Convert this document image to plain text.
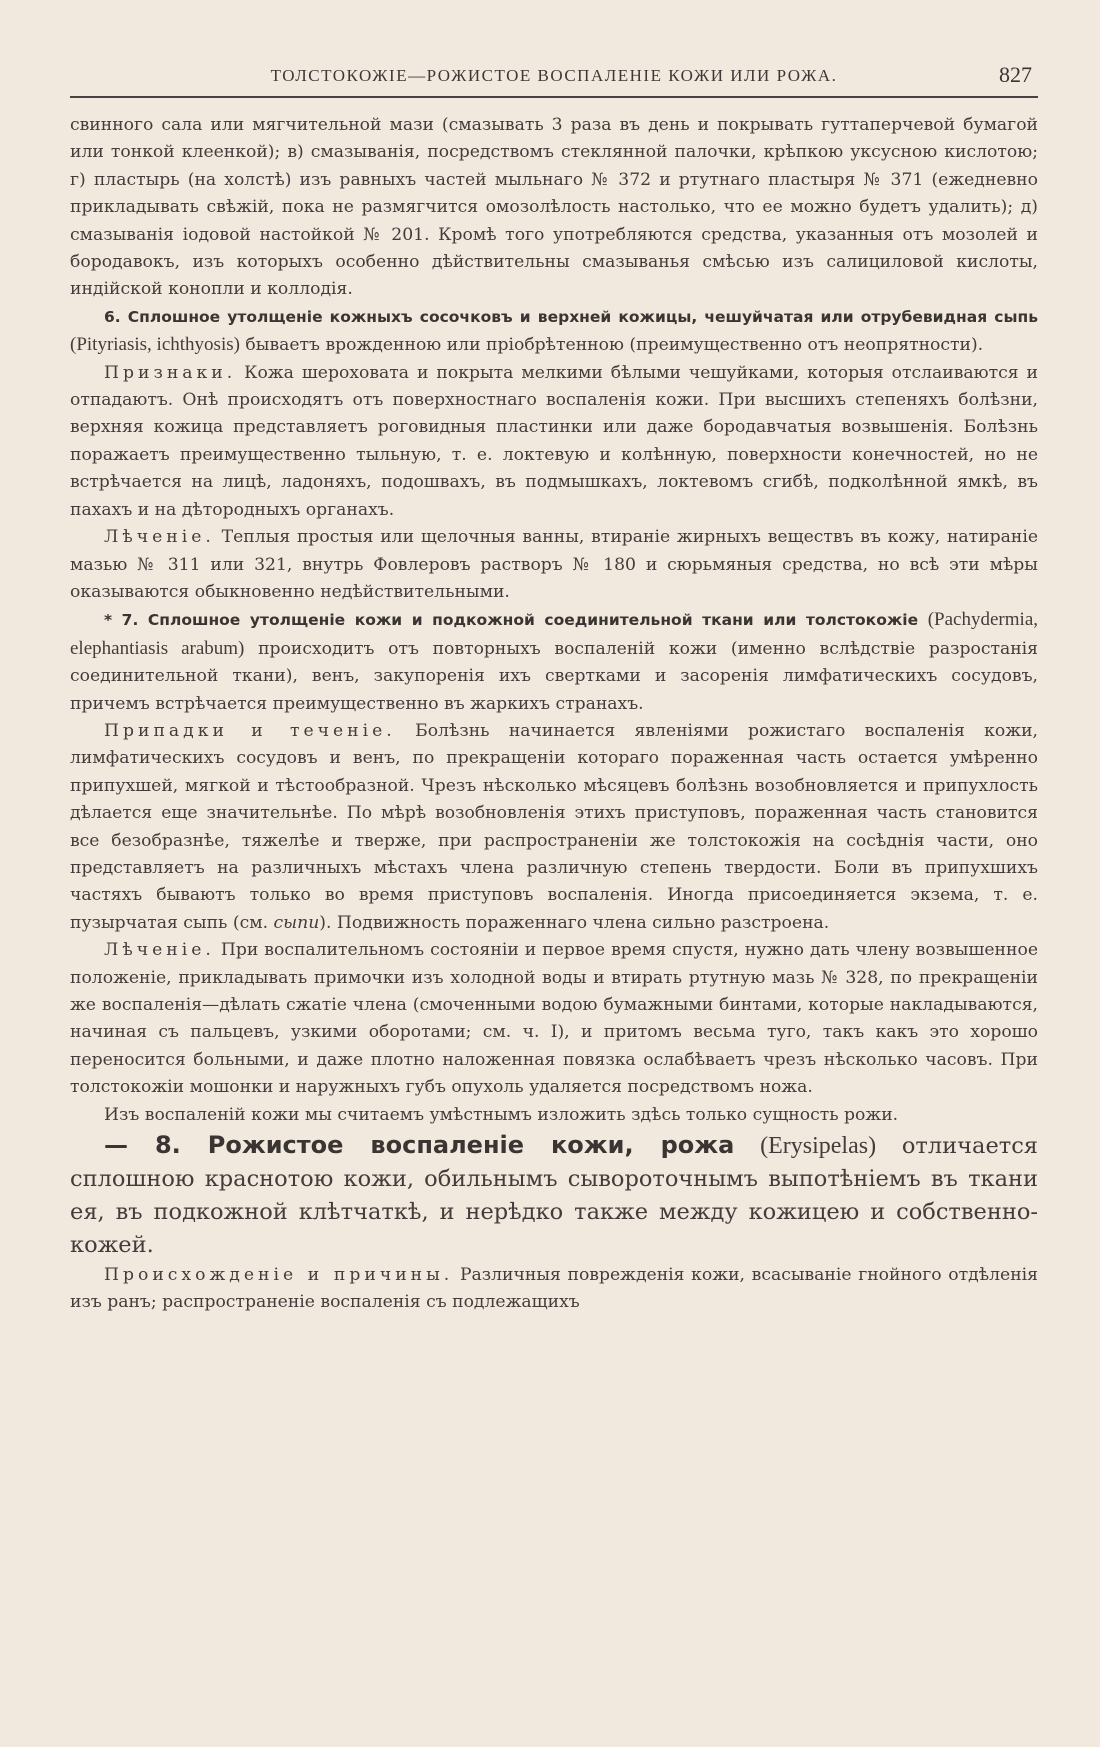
ТОЛСТОКОЖІЕ—РОЖИСТОЕ ВОСПАЛЕНІЕ КОЖИ ИЛИ РОЖА.	827

свинного сала или мягчительной мази (смазывать 3 раза въ день и покрывать гуттаперчевой бумагой или тонкой клеенкой); в) смазыванія, посредствомъ стеклянной палочки, крѣпкою уксусною кислотою; г) пластырь (на холстѣ) изъ равныхъ частей мыльнаго № 372 и ртутнаго пластыря № 371 (ежедневно прикладывать свѣжій, пока не размягчится омозолѣлость настолько, что ее можно будетъ удалить); д) смазыванія іодовой настойкой № 201. Кромѣ того употребляются средства, указанныя отъ мозолей и бородавокъ, изъ которыхъ особенно дѣйствительны смазыванья смѣсью изъ салициловой кислоты, индійской конопли и коллодія.

6. Сплошное утолщеніе кожныхъ сосочковъ и верхней кожицы, чешуйчатая или отрубевидная сыпь (Pityriasis, ichthyosis) бываетъ врожденною или пріобрѣтенною (преимущественно отъ неопрятности).

Признаки. Кожа шероховата и покрыта мелкими бѣлыми чешуйками, которыя отслаиваются и отпадаютъ. Онѣ происходятъ отъ поверхностнаго воспаленія кожи. При высшихъ степеняхъ болѣзни, верхняя кожица представляетъ роговидныя пластинки или даже бородавчатыя возвышенія. Болѣзнь поражаетъ преимущественно тыльную, т. е. локтевую и колѣнную, поверхности конечностей, но не встрѣчается на лицѣ, ладоняхъ, подошвахъ, въ подмышкахъ, локтевомъ сгибѣ, подколѣнной ямкѣ, въ пахахъ и на дѣтородныхъ органахъ.

Лѣченіе. Теплыя простыя или щелочныя ванны, втираніе жирныхъ веществъ въ кожу, натираніе мазью № 311 или 321, внутрь Фовлеровъ растворъ № 180 и сюрьмяныя средства, но всѣ эти мѣры оказываются обыкновенно недѣйствительными.

* 7. Сплошное утолщеніе кожи и подкожной соединительной ткани или толстокожіе (Pachydermia, elephantiasis arabum) происходитъ отъ повторныхъ воспаленій кожи (именно вслѣдствіе разростанія соединительной ткани), венъ, закупоренія ихъ свертками и засоренія лимфатическихъ сосудовъ, причемъ встрѣчается преимущественно въ жаркихъ странахъ.

Припадки и теченіе. Болѣзнь начинается явленіями рожистаго воспаленія кожи, лимфатическихъ сосудовъ и венъ, по прекращеніи котораго пораженная часть остается умѣренно припухшей, мягкой и тѣстообразной. Чрезъ нѣсколько мѣсяцевъ болѣзнь возобновляется и припухлость дѣлается еще значительнѣе. По мѣрѣ возобновленія этихъ приступовъ, пораженная часть становится все безобразнѣе, тяжелѣе и тверже, при распространеніи же толстокожія на сосѣднія части, оно представляетъ на различныхъ мѣстахъ члена различную степень твердости. Боли въ припухшихъ частяхъ бываютъ только во время приступовъ воспаленія. Иногда присоединяется экзема, т. е. пузырчатая сыпь (см. сыпи). Подвижность пораженнаго члена сильно разстроена.

Лѣченіе. При воспалительномъ состояніи и первое время спустя, нужно дать члену возвышенное положеніе, прикладывать примочки изъ холодной воды и втирать ртутную мазь № 328, по прекращеніи же воспаленія—дѣлать сжатіе члена (смоченными водою бумажными бинтами, которые накладываются, начиная съ пальцевъ, узкими оборотами; см. ч. I), и притомъ весьма туго, такъ какъ это хорошо переносится больными, и даже плотно наложенная повязка ослабѣваетъ чрезъ нѣсколько часовъ. При толстокожіи мошонки и наружныхъ губъ опухоль удаляется посредствомъ ножа.

Изъ воспаленій кожи мы считаемъ умѣстнымъ изложить здѣсь только сущность рожи.

— 8. Рожистое воспаленіе кожи, рожа (Erysipelas) отличается сплошною краснотою кожи, обильнымъ сывороточнымъ выпотѣніемъ въ ткани ея, въ подкожной клѣтчаткѣ, и нерѣдко также между кожицею и собственно-кожей.

Происхожденіе и причины. Различныя поврежденія кожи, всасываніе гнойного отдѣленія изъ ранъ; распространеніе воспаленія съ подлежащихъ
